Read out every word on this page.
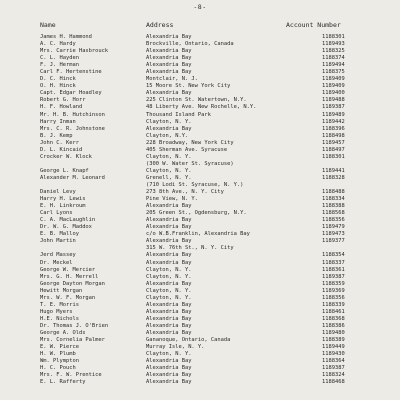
-8-
Name	Address	Account Number
James H. Hammond	Alexandria Bay	1188301
A. C. Hardy	Brockville, Ontario, Canada	1189493
Mrs. Carrie Hasbrouck	Alexandria Bay	1188325
C. L. Hayden	Alexandria Bay	1188374
F. J. Herman	Alexandria Bay	1189494
Carl F. Hertenstine	Alexandria Bay	1188375
D. C. Hinck	Montclair, N. J.	1189409
O. H. Hinck	15 Moore St. New York City	1189409
Capt. Edgar Hoadley	Alexandria Bay	1189400
Robert G. Horr	225 Clinton St. Watertown, N.Y.	1189488
H. F. Howland	48 Liberty Ave. New Rochelle, N.Y.	1189387
Mr. H. B. Hutchinson	Thousand Island Park	1189489
Harry Inman	Clayton, N. Y.	1189442
Mrs. C. R. Johnstone	Alexandria Bay	1188396
B. J. Kemp	Clayton, N.Y.	1188498
John C. Kerr	228 Broadway, New York City	1189457
D. L. Kincaid	405 Sherman Ave. Syracuse	1188497
Crocker W. Klock	Clayton, N. Y.	1188301
(300 W. Water St. Syracuse)
George L. Knapf	Clayton, N. Y.	1189441
Alexander M. Leonard	Grenell, N. Y.	1188328
(710 Lodi St. Syracuse, N. Y.)
Daniel Levy	273 8th Ave., N. Y. City	1188488
Harry H. Lewis	Pine View, N. Y.	1188334
E. H. Linkroum	Alexandria Bay	1188388
Carl Lyons	205 Green St., Ogdensburg, N.Y.	1188568
C. A. MacLaughlin	Alexandria Bay	1188356
Dr. W. G. Maddox	Alexandria Bay	1189479
E. B. Malloy	c/o W.B.Franklin, Alexandria Bay	1189473
John Martin	Alexandria Bay	1189377
315 W. 76th St., N. Y. City
Jerd Massey	Alexandria Bay	1188354
Dr. Meckel	Alexandria Bay	1188337
George W. Mercier	Clayton, N. Y.	1188361
Mrs. G. H. Merrell	Clayton, N. Y.	1189387
George Dayton Morgan	Alexandria Bay	1188359
Hewitt Morgan	Clayton, N. Y.	1189369
Mrs. W. F. Morgan	Clayton, N. Y.	1188356
T. E. Morris	Alexandria Bay	1188339
Hugo Myers	Alexandria Bay	1188461
H.E. Nichols	Alexandria Bay	1188368
Dr. Thomas J. O'Brien	Alexandria Bay	1188386
George A. Olds	Alexandria Bay	1189480
Mrs. Cornelia Palmer	Gananoque, Ontario, Canada	1188389
E. W. Pierce	Murray Isle, N. Y.	1189449
H. W. Plumb	Clayton, N. Y.	1189430
Wm. Plympton	Alexandria Bay	1188364
H. C. Pouch	Alexandria Bay	1189387
Mrs. F. W. Prentice	Alexandria Bay	1188324
E. L. Rafferty	Alexandria Bay	1188468
